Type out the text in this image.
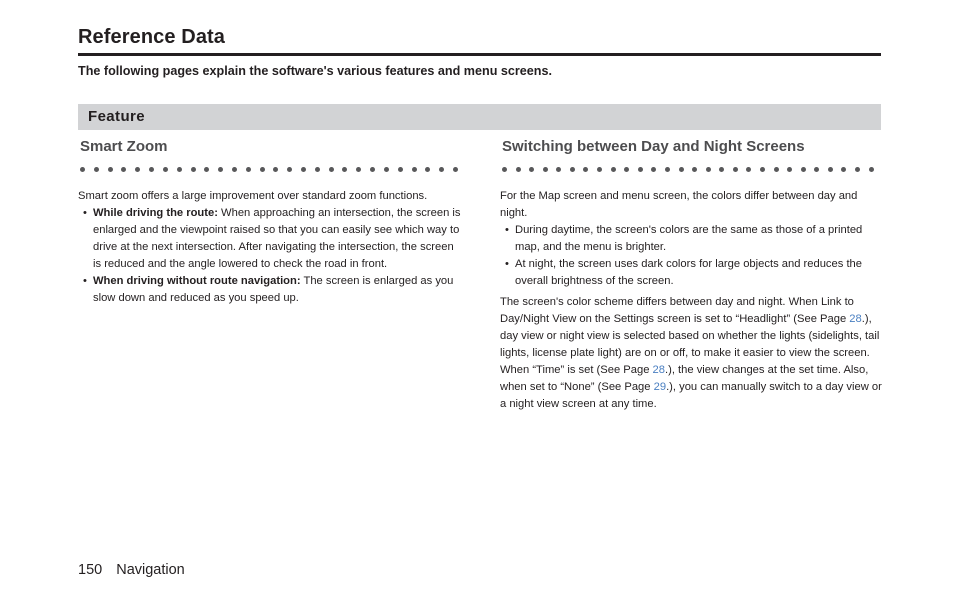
Reference Data
The following pages explain the software's various features and menu screens.
Feature
Smart Zoom

Smart zoom offers a large improvement over standard zoom functions.

• While driving the route: When approaching an intersection, the screen is enlarged and the viewpoint raised so that you can easily see which way to drive at the next intersection. After navigating the intersection, the screen is reduced and the angle lowered to check the road in front.

• When driving without route navigation: The screen is enlarged as you slow down and reduced as you speed up.

Switching between Day and Night Screens

For the Map screen and menu screen, the colors differ between day and night.

• During daytime, the screen's colors are the same as those of a printed map, and the menu is brighter.

• At night, the screen uses dark colors for large objects and reduces the overall brightness of the screen.

The screen's color scheme differs between day and night. When Link to Day/Night View on the Settings screen is set to “Headlight” (See Page 28.), day view or night view is selected based on whether the lights (sidelights, tail lights, license plate light) are on or off, to make it easier to view the screen. When “Time” is set (See Page 28.), the view changes at the set time. Also, when set to “None” (See Page 29.), you can manually switch to a day view or a night view screen at any time.

150 Navigation
